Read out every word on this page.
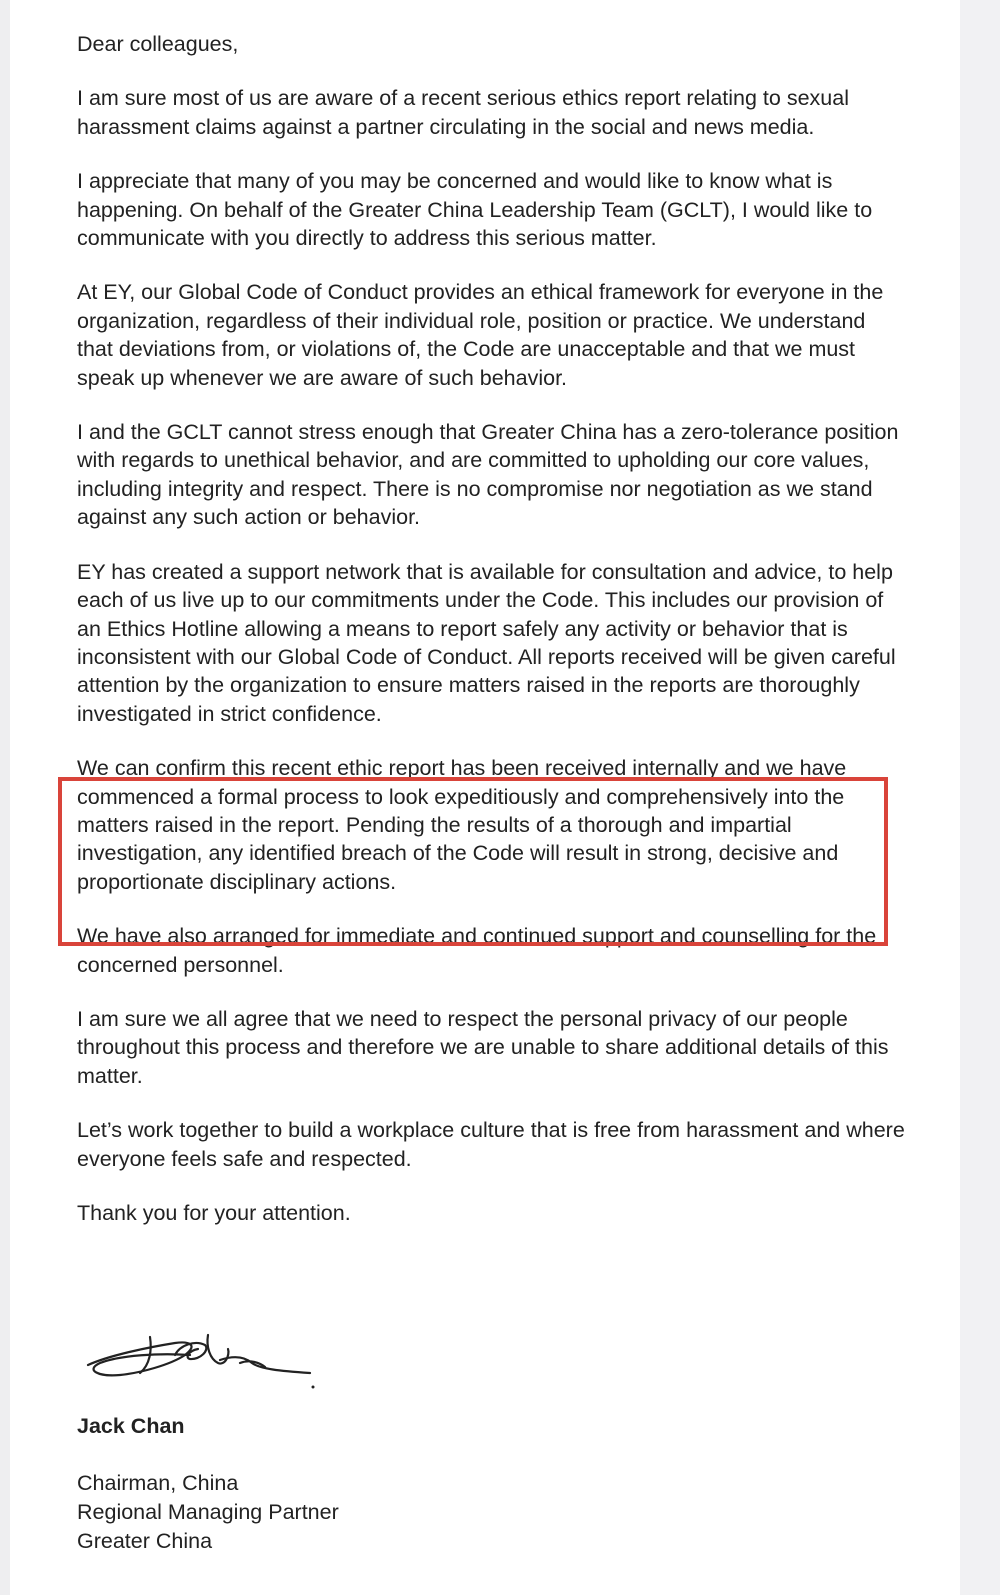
Dear colleagues,

I am sure most of us are aware of a recent serious ethics report relating to sexual harassment claims against a partner circulating in the social and news media.

I appreciate that many of you may be concerned and would like to know what is happening. On behalf of the Greater China Leadership Team (GCLT), I would like to communicate with you directly to address this serious matter.

At EY, our Global Code of Conduct provides an ethical framework for everyone in the organization, regardless of their individual role, position or practice. We understand that deviations from, or violations of, the Code are unacceptable and that we must speak up whenever we are aware of such behavior.

I and the GCLT cannot stress enough that Greater China has a zero-tolerance position with regards to unethical behavior, and are committed to upholding our core values, including integrity and respect. There is no compromise nor negotiation as we stand against any such action or behavior.

EY has created a support network that is available for consultation and advice, to help each of us live up to our commitments under the Code. This includes our provision of an Ethics Hotline allowing a means to report safely any activity or behavior that is inconsistent with our Global Code of Conduct. All reports received will be given careful attention by the organization to ensure matters raised in the reports are thoroughly investigated in strict confidence.

We can confirm this recent ethic report has been received internally and we have commenced a formal process to look expeditiously and comprehensively into the matters raised in the report. Pending the results of a thorough and impartial investigation, any identified breach of the Code will result in strong, decisive and proportionate disciplinary actions.

We have also arranged for immediate and continued support and counselling for the concerned personnel.

I am sure we all agree that we need to respect the personal privacy of our people throughout this process and therefore we are unable to share additional details of this matter.

Let’s work together to build a workplace culture that is free from harassment and where everyone feels safe and respected.

Thank you for your attention.

Jack Chan
Chairman, China
Regional Managing Partner
Greater China
